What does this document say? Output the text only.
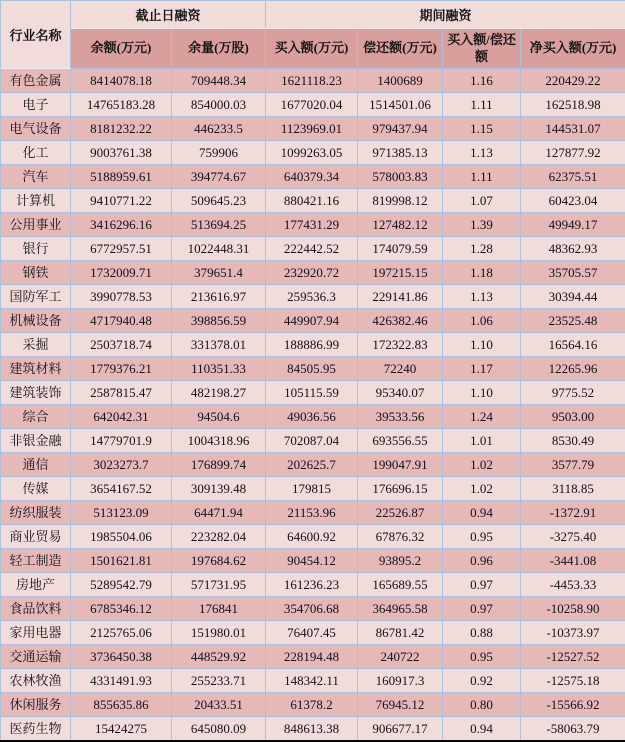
行业名称	截止日融资		期间融资			
	余额(万元)	余量(万股)	买入额(万元)	偿还额(万元)	买入额/偿还额	净买入额(万元)
有色金属	8414078.18	709448.34	1621118.23	1400689	1.16	220429.22
电子	14765183.28	854000.03	1677020.04	1514501.06	1.11	162518.98
电气设备	8181232.22	446233.5	1123969.01	979437.94	1.15	144531.07
化工	9003761.38	759906	1099263.05	971385.13	1.13	127877.92
汽车	5188959.61	394774.67	640379.34	578003.83	1.11	62375.51
计算机	9410771.22	509645.23	880421.16	819998.12	1.07	60423.04
公用事业	3416296.16	513694.25	177431.29	127482.12	1.39	49949.17
银行	6772957.51	1022448.31	222442.52	174079.59	1.28	48362.93
钢铁	1732009.71	379651.4	232920.72	197215.15	1.18	35705.57
国防军工	3990778.53	213616.97	259536.3	229141.86	1.13	30394.44
机械设备	4717940.48	398856.59	449907.94	426382.46	1.06	23525.48
采掘	2503718.74	331378.01	188886.99	172322.83	1.10	16564.16
建筑材料	1779376.21	110351.33	84505.95	72240	1.17	12265.96
建筑装饰	2587815.47	482198.27	105115.59	95340.07	1.10	9775.52
综合	642042.31	94504.6	49036.56	39533.56	1.24	9503.00
非银金融	14779701.9	1004318.96	702087.04	693556.55	1.01	8530.49
通信	3023273.7	176899.74	202625.7	199047.91	1.02	3577.79
传媒	3654167.52	309139.48	179815	176696.15	1.02	3118.85
纺织服装	513123.09	64471.94	21153.96	22526.87	0.94	-1372.91
商业贸易	1985504.06	223282.04	64600.92	67876.32	0.95	-3275.40
轻工制造	1501621.81	197684.62	90454.12	93895.2	0.96	-3441.08
房地产	5289542.79	571731.95	161236.23	165689.55	0.97	-4453.33
食品饮料	6785346.12	176841	354706.68	364965.58	0.97	-10258.90
家用电器	2125765.06	151980.01	76407.45	86781.42	0.88	-10373.97
交通运输	3736450.38	448529.92	228194.48	240722	0.95	-12527.52
农林牧渔	4331491.93	255233.71	148342.11	160917.3	0.92	-12575.18
休闲服务	855635.86	20433.51	61378.2	76945.12	0.80	-15566.92
医药生物	15424275	645080.09	848613.38	906677.17	0.94	-58063.79
